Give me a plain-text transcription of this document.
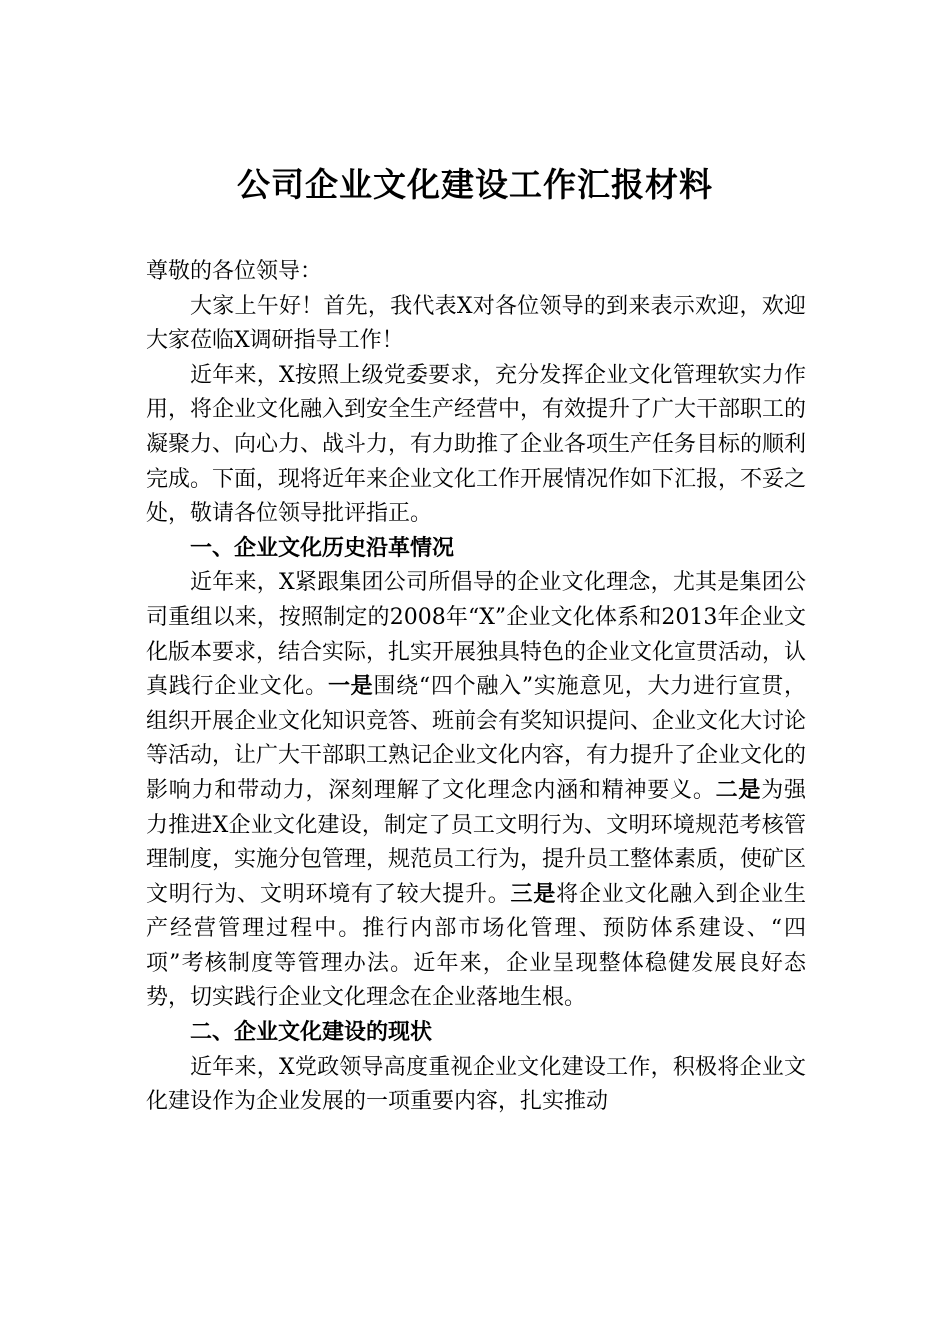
公司企业文化建设工作汇报材料

尊敬的各位领导：

大家上午好！首先，我代表X对各位领导的到来表示欢迎，欢迎大家莅临X调研指导工作！

近年来，X按照上级党委要求，充分发挥企业文化管理软实力作用，将企业文化融入到安全生产经营中，有效提升了广大干部职工的凝聚力、向心力、战斗力，有力助推了企业各项生产任务目标的顺利完成。下面，现将近年来企业文化工作开展情况作如下汇报，不妥之处，敬请各位领导批评指正。

一、企业文化历史沿革情况

近年来，X紧跟集团公司所倡导的企业文化理念，尤其是集团公司重组以来，按照制定的2008年“X”企业文化体系和2013年企业文化版本要求，结合实际，扎实开展独具特色的企业文化宣贯活动，认真践行企业文化。一是围绕“四个融入”实施意见，大力进行宣贯，组织开展企业文化知识竞答、班前会有奖知识提问、企业文化大讨论等活动，让广大干部职工熟记企业文化内容，有力提升了企业文化的影响力和带动力，深刻理解了文化理念内涵和精神要义。二是为强力推进X企业文化建设，制定了员工文明行为、文明环境规范考核管理制度，实施分包管理，规范员工行为，提升员工整体素质，使矿区文明行为、文明环境有了较大提升。三是将企业文化融入到企业生产经营管理过程中。推行内部市场化管理、预防体系建设、“四项”考核制度等管理办法。近年来，企业呈现整体稳健发展良好态势，切实践行企业文化理念在企业落地生根。

二、企业文化建设的现状

近年来，X党政领导高度重视企业文化建设工作，积极将企业文化建设作为企业发展的一项重要内容，扎实推动
